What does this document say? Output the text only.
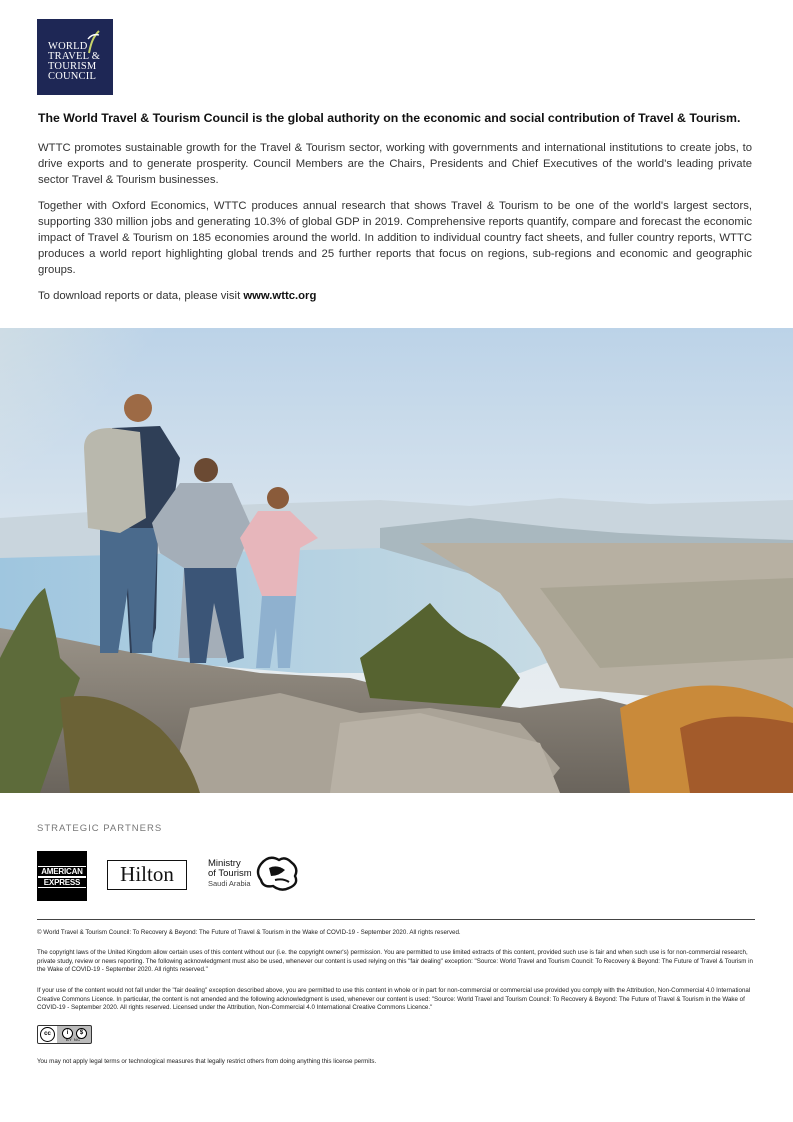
WORLD
TRAVEL &
TOURISM
COUNCIL
The World Travel & Tourism Council is the global authority on the economic and social contribution of Travel & Tourism.

WTTC promotes sustainable growth for the Travel & Tourism sector, working with governments and international institutions to create jobs, to drive exports and to generate prosperity. Council Members are the Chairs, Presidents and Chief Executives of the world's leading private sector Travel & Tourism businesses.

Together with Oxford Economics, WTTC produces annual research that shows Travel & Tourism to be one of the world's largest sectors, supporting 330 million jobs and generating 10.3% of global GDP in 2019. Comprehensive reports quantify, compare and forecast the economic impact of Travel & Tourism on 185 economies around the world. In addition to individual country fact sheets, and fuller country reports, WTTC produces a world report highlighting global trends and 25 further reports that focus on regions, sub-regions and economic and geographic groups.

To download reports or data, please visit www.wttc.org

STRATEGIC PARTNERS
AMERICAN
EXPRESS	Hilton	Ministry
of Tourism
Saudi Arabia
© World Travel & Tourism Council: To Recovery & Beyond: The Future of Travel & Tourism in the Wake of COVID-19 - September 2020. All rights reserved.
The copyright laws of the United Kingdom allow certain uses of this content without our (i.e. the copyright owner's) permission. You are permitted to use limited extracts of this content, provided such use is fair and when such use is for non-commercial research, private study, review or news reporting. The following acknowledgment must also be used, whenever our content is used relying on this "fair dealing" exception: "Source: World Travel and Tourism Council: To Recovery & Beyond: The Future of Travel & Tourism in the Wake of COVID-19 - September 2020. All rights reserved."
If your use of the content would not fall under the "fair dealing" exception described above, you are permitted to use this content in whole or in part for non-commercial or commercial use provided you comply with the Attribution, Non-Commercial 4.0 International Creative Commons Licence. In particular, the content is not amended and the following acknowledgment is used, whenever our content is used: "Source: World Travel and Tourism Council: To Recovery & Beyond: The Future of Travel & Tourism in the Wake of COVID-19 - September 2020. All rights reserved. Licensed under the Attribution, Non-Commercial 4.0 International Creative Commons Licence."
cc	i	$
BY NC
You may not apply legal terms or technological measures that legally restrict others from doing anything this license permits.
